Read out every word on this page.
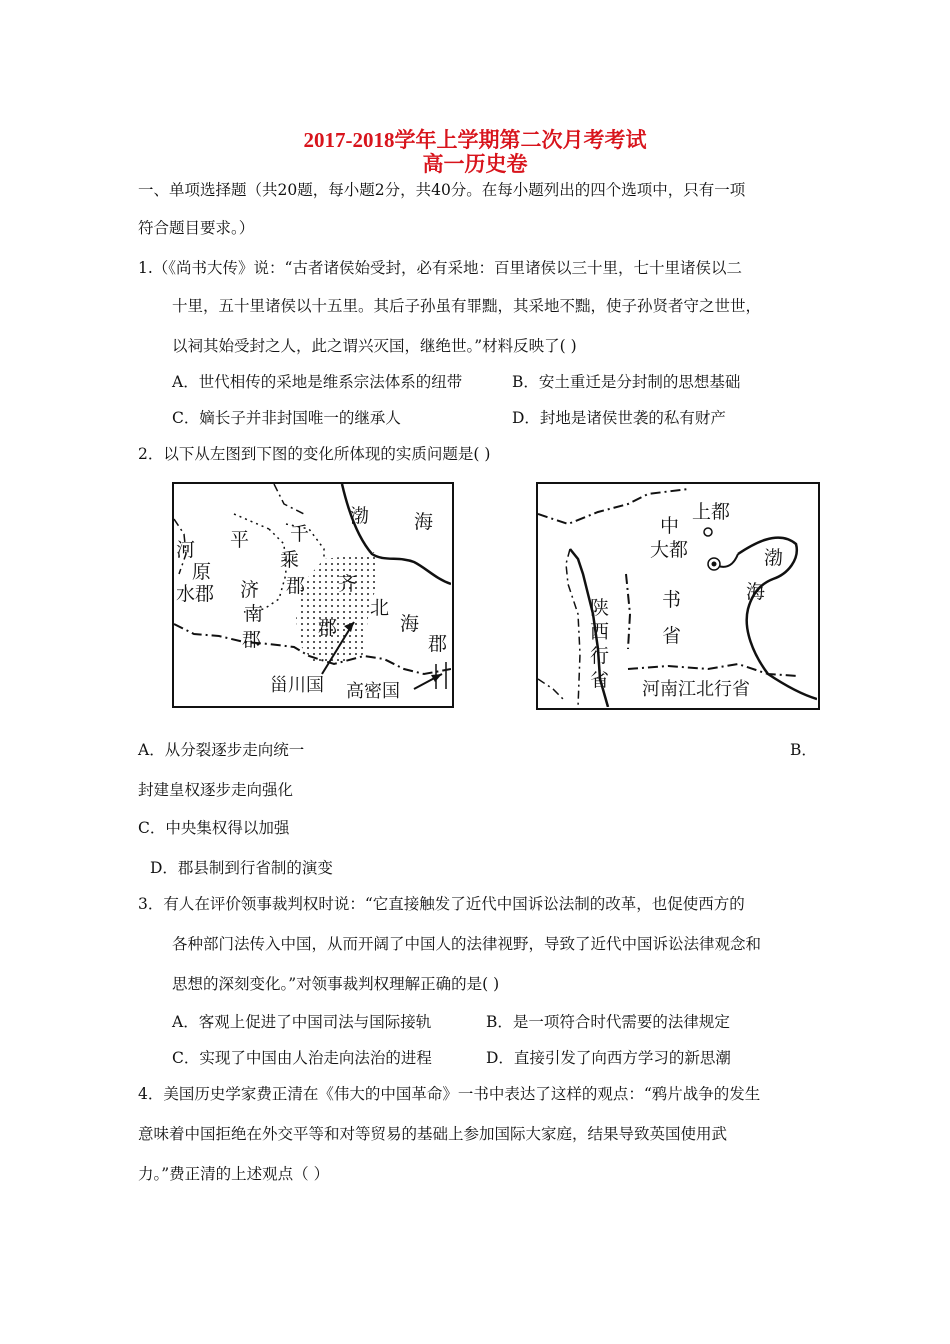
2017-2018学年上学期第二次月考考试
高一历史卷
一、单项选择题（共20题，每小题2分，共40分。在每小题列出的四个选项中，只有一项
符合题目要求。）
1.（《尚书大传》说：“古者诸侯始受封，必有采地：百里诸侯以三十里，七十里诸侯以二
十里，五十里诸侯以十五里。其后子孙虽有罪黜，其采地不黜，使子孙贤者守之世世，
以祠其始受封之人，此之谓兴灭国，继绝世。”材料反映了( )
A．世代相传的采地是维系宗法体系的纽带	B．安土重迁是分封制的思想基础
C．嫡长子并非封国唯一的继承人	D．封地是诸侯世袭的私有财产
2．以下从左图到下图的变化所体现的实质问题是( )
河 平
原
水郡 济
南
郡
千
乘
郡 齐
北
郡
渤 海
海
郡
甾川国 高密国
上都
中
大都
书
省
渤
海
陕
西
行
省 河南江北行省
A．从分裂逐步走向统一	B．
封建皇权逐步走向强化
C．中央集权得以加强
D．郡县制到行省制的演变
3．有人在评价领事裁判权时说：“它直接触发了近代中国诉讼法制的改革，也促使西方的
各种部门法传入中国，从而开阔了中国人的法律视野，导致了近代中国诉讼法律观念和
思想的深刻变化。”对领事裁判权理解正确的是( )
A．客观上促进了中国司法与国际接轨	B．是一项符合时代需要的法律规定
C．实现了中国由人治走向法治的进程	D．直接引发了向西方学习的新思潮
4．美国历史学家费正清在《伟大的中国革命》一书中表达了这样的观点：“鸦片战争的发生
意味着中国拒绝在外交平等和对等贸易的基础上参加国际大家庭，结果导致英国使用武
力。”费正清的上述观点（ ）
